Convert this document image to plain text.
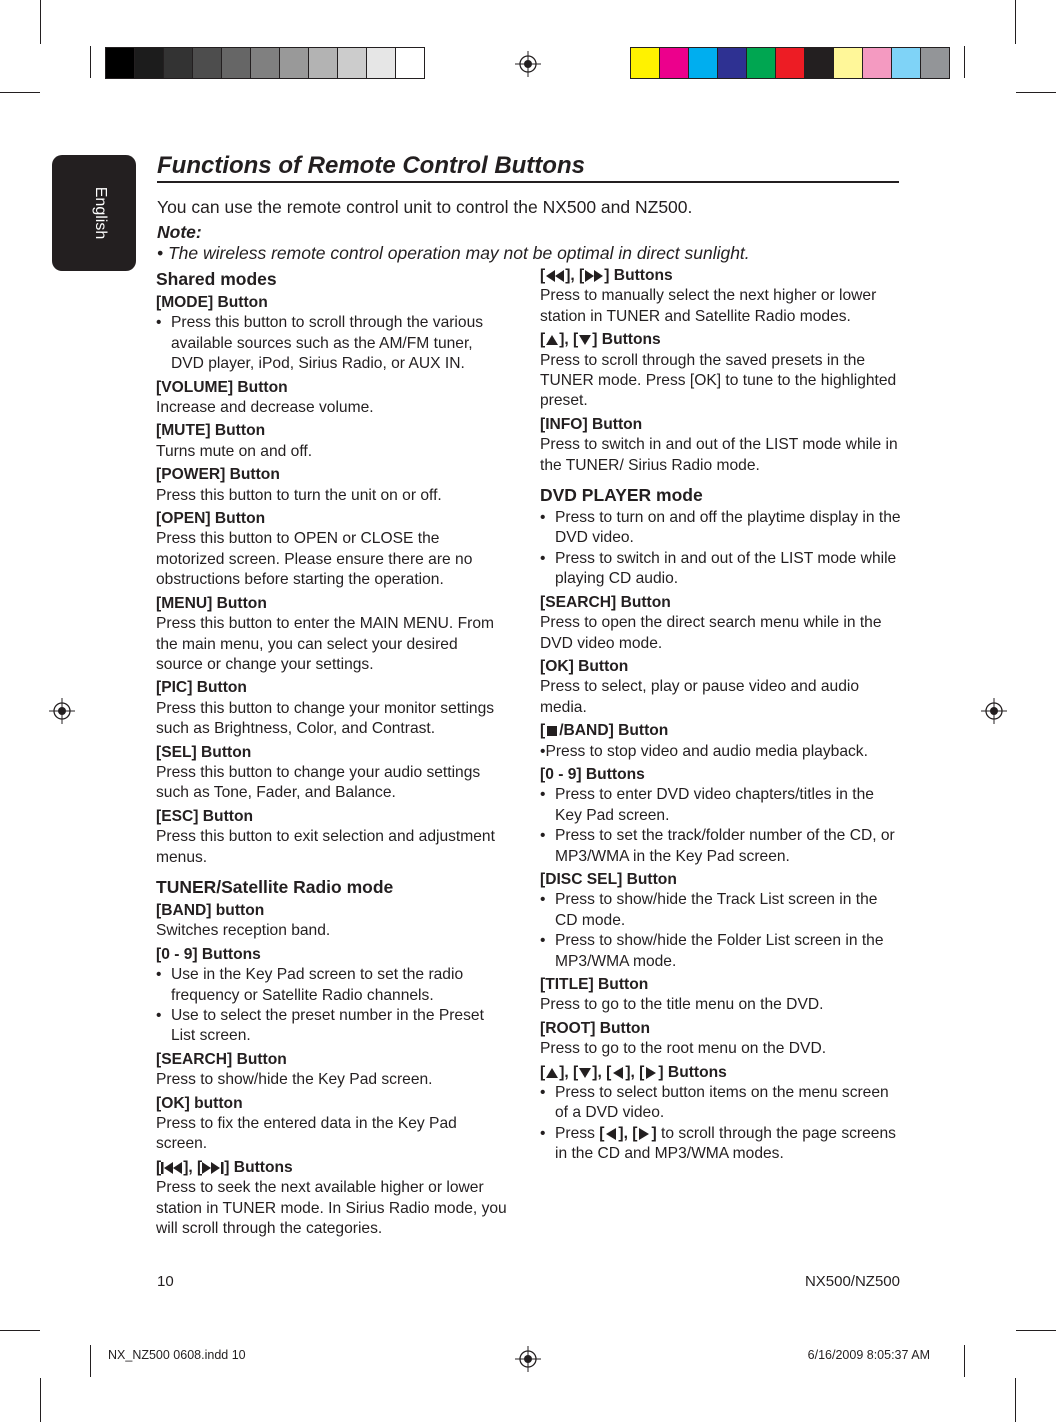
English
Functions of Remote Control Buttons
You can use the remote control unit to control the NX500 and NZ500.
Note:
• The wireless remote control operation may not be optimal in direct sunlight.
Shared modes
[MODE] Button
• Press this button to scroll through the various available sources such as the AM/FM tuner, DVD player, iPod, Sirius Radio, or AUX IN.
[VOLUME] Button
Increase and decrease volume.
[MUTE] Button
Turns mute on and off.
[POWER] Button
Press this button to turn the unit on or off.
[OPEN] Button
Press this button to OPEN or CLOSE the motorized screen. Please ensure there are no obstructions before starting the operation.
[MENU] Button
Press this button to enter the MAIN MENU. From the main menu, you can select your desired source or change your settings.
[PIC] Button
Press this button to change your monitor settings such as Brightness, Color, and Contrast.
[SEL] Button
Press this button to change your audio settings such as Tone, Fader, and Balance.
[ESC] Button
Press this button to exit selection and adjustment menus.
TUNER/Satellite Radio mode
[BAND] button
Switches reception band.
[0 - 9] Buttons
• Use in the Key Pad screen to set the radio frequency or Satellite Radio channels.
• Use to select the preset number in the Preset List screen.
[SEARCH] Button
Press to show/hide the Key Pad screen.
[OK] button
Press to fix the entered data in the Key Pad screen.
[ ], [ ] Buttons
Press to seek the next available higher or lower station in TUNER mode. In Sirius Radio mode, you will scroll through the categories.
[ ], [ ] Buttons
Press to manually select the next higher or lower station in TUNER and Satellite Radio modes.
[ ], [ ] Buttons
Press to scroll through the saved presets in the TUNER mode. Press [OK] to tune to the highlighted preset.
[INFO] Button
Press to switch in and out of the LIST mode while in the TUNER/ Sirius Radio mode.
DVD PLAYER mode
• Press to turn on and off the playtime display in the DVD video.
• Press to switch in and out of the LIST mode while playing CD audio.
[SEARCH] Button
Press to open the direct search menu while in the DVD video mode.
[OK] Button
Press to select, play or pause video and audio media.
[ /BAND] Button
•Press to stop video and audio media playback.
[0 - 9] Buttons
• Press to enter DVD video chapters/titles in the Key Pad screen.
• Press to set the track/folder number of the CD, or MP3/WMA in the Key Pad screen.
[DISC SEL] Button
• Press to show/hide the Track List screen in the CD mode.
• Press to show/hide the Folder List screen in the MP3/WMA mode.
[TITLE] Button
Press to go to the title menu on the DVD.
[ROOT] Button
Press to go to the root menu on the DVD.
[ ], [ ], [ ], [ ] Buttons
• Press to select button items on the menu screen of a DVD video.
• Press [ ], [ ] to scroll through the page screens in the CD and MP3/WMA modes.
10	NX500/NZ500
NX_NZ500 0608.indd 10	6/16/2009 8:05:37 AM
